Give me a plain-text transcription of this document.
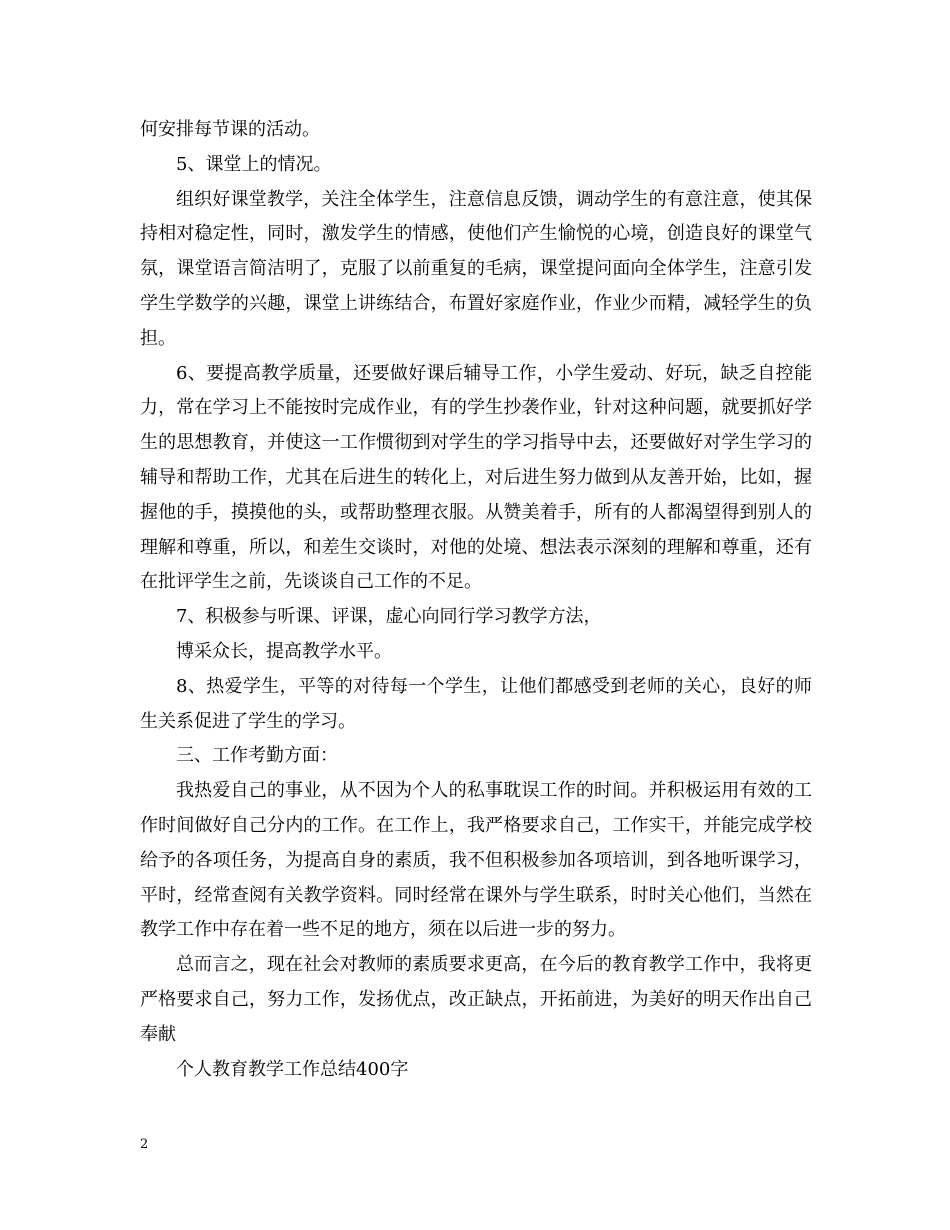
何安排每节课的活动。

5、课堂上的情况。

组织好课堂教学，关注全体学生，注意信息反馈，调动学生的有意注意，使其保持相对稳定性，同时，激发学生的情感，使他们产生愉悦的心境，创造良好的课堂气氛，课堂语言简洁明了，克服了以前重复的毛病，课堂提问面向全体学生，注意引发学生学数学的兴趣，课堂上讲练结合，布置好家庭作业，作业少而精，减轻学生的负担。

6、要提高教学质量，还要做好课后辅导工作，小学生爱动、好玩，缺乏自控能力，常在学习上不能按时完成作业，有的学生抄袭作业，针对这种问题，就要抓好学生的思想教育，并使这一工作惯彻到对学生的学习指导中去，还要做好对学生学习的辅导和帮助工作，尤其在后进生的转化上，对后进生努力做到从友善开始，比如，握握他的手，摸摸他的头，或帮助整理衣服。从赞美着手，所有的人都渴望得到别人的理解和尊重，所以，和差生交谈时，对他的处境、想法表示深刻的理解和尊重，还有在批评学生之前，先谈谈自己工作的不足。

7、积极参与听课、评课，虚心向同行学习教学方法，

博采众长，提高教学水平。

8、热爱学生，平等的对待每一个学生，让他们都感受到老师的关心，良好的师生关系促进了学生的学习。

三、工作考勤方面：

我热爱自己的事业，从不因为个人的私事耽误工作的时间。并积极运用有效的工作时间做好自己分内的工作。在工作上，我严格要求自己，工作实干，并能完成学校给予的各项任务，为提高自身的素质，我不但积极参加各项培训，到各地听课学习，平时，经常查阅有关教学资料。同时经常在课外与学生联系，时时关心他们，当然在教学工作中存在着一些不足的地方，须在以后进一步的努力。

总而言之，现在社会对教师的素质要求更高，在今后的教育教学工作中，我将更严格要求自己，努力工作，发扬优点，改正缺点，开拓前进，为美好的明天作出自己奉献

个人教育教学工作总结400字

2
